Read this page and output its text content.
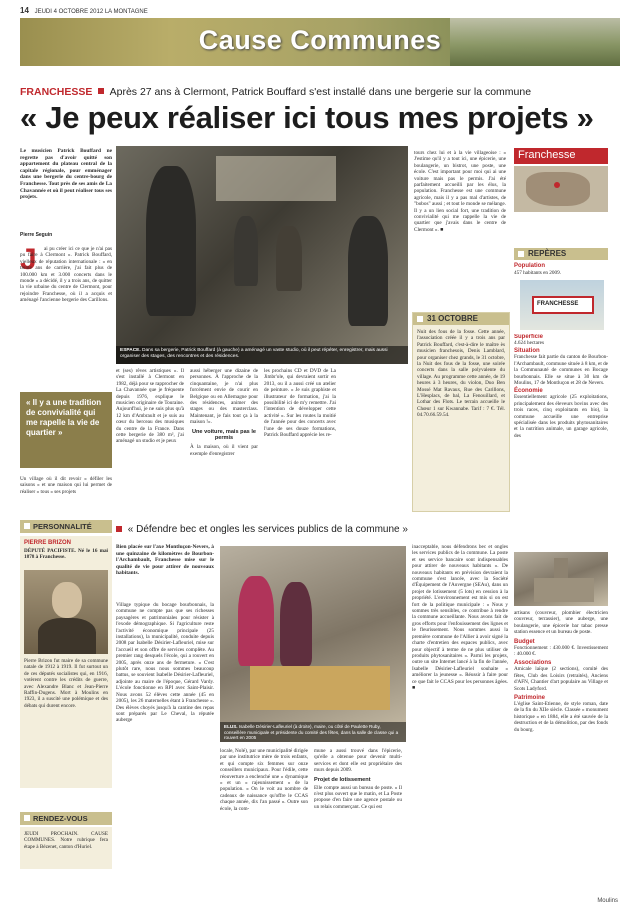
14 JEUDI 4 OCTOBRE 2012 LA MONTAGNE
Cause Communes
FRANCHESSE Après 27 ans à Clermont, Patrick Bouffard s'est installé dans une bergerie sur la commune
« Je peux réaliser ici tous mes projets »
Le musicien Patrick Bouffard ne regrette pas d'avoir quitté son appartement du plateau central de la capitale régionale, pour emménager dans une bergerie du centre-bourg de Franchesse. Tout près de ses amis de La Chavannée et où il peut réaliser tous ses projets.
Pierre Seguin
J	ai pu créer ici ce que je n'ai pas pu faire à Clermont ». Patrick Bouffard, vielleux de réputation internationale : « en trente ans de carrière, j'ai fait plus de 100.000 km et 3.000 concerts dans le monde » a décidé, il y a trois ans, de quitter la vie urbaine du centre de Clermont, pour rejoindre Franchesse, où il a acquis et aménagé l'ancienne bergerie des Carillons.
« Il y a une tradition de convivialité qui me rapelle la vie de quartier »
Un village où il dit revoir « défiler les saisons » et une maison qui lui permet de réaliser « tous » ses projets
ESPACE. Dans sa bergerie, Patrick Bouffard (à gauche) a aménagé un vaste studio, où il peut répéter, enregistrer, mais aussi organiser des stages, des rencontres et des résidences.
et (ses) rêves artistiques ». Il s'est installé à Clermont en 1982, déjà pour se rapprocher de La Chavannée que je fréquente depuis 1976, explique le musicien originaire de Touraine. Aujourd'hui, je ne suis plus qu'à 12 km d'Ambrault et je suis au cœur du berceau des musiques du centre de la France. Dans cette bergerie de 380 m², j'ai aménagé un studio et je peux
aussi héberger une dizaine de personnes. À l'approche de la cinquantaine, je n'ai plus forcément envie de courir en Belgique ou en Allemagne pour des résidences, animer des stages ou des masterclass. Maintenant, je fais tout ça à la maison !».
Une voiture, mais pas le permis
À la maison, où il vient par exemple d'enregistrer
les prochains CD et DVD de La Jimbr'ole, qui devraient sortir en 2013, ou il a aussi créé un atelier de peinture. « Je suis graphiste et illustrateur de formation, j'ai la possibilité ici de m'y remettre. J'ai l'intention de développer cette activité ». Sur les routes la moitié de l'année pour des concerts avec l'une de ses douze formations, Patrick Bouffard apprécie les re-
tours chez lui et à la vie villageoise : « J'estime qu'il y a tout ici, une épicerie, une boulangerie, un bistrot, une poste, une école. C'est important pour moi qui ai une voiture mais pas le permis. J'ai été parfaitement accueilli par les élus, la population. Franchesse est une commune agricole, mais il y a pas mal d'artistes, de "bobos" aussi ; et tout le monde se mélange. Il y a un lien social fort, une tradition de convivialité qui me rappelle la vie de quartier que j'avais dans le centre de Clermont ». ■
31 OCTOBRE
Nuit des fous de la fosse. Cette année, l'association créée il y a trois ans par Patrick Bouffard, c'est-à-dire le maître ès musicien franchesois, Denis Lamblard, pour organiser chez grands, le 31 octobre, la Nuit des fous de la fosse, une soirée concerts dans la salle polyvalente du village. Au programme cette année, de 19 heures à 3 heures, du violon, Duo Ben Mossé Mat Ravaux, Rue des Carillons, L'Hesplacs, de bal, La Fenouillard, et Lothar des Flots. Le terrain accueille le Chœur 1 sur Kwannabe. Tarif : 7 €. Tél. 04.70.66.59.54.
Franchesse
REPÈRES
Population
457 habitants en 2009.
FRANCHESSE
Superficie
4.624 hectares
Situation
Franchesse fait partie du canton de Bourbon-l'Archambault, commune située à 8 km, et de la Communauté de communes en Bocage bourbonnais. Elle se situe à 30 km de Moulins, 17 de Montluçon et 28 de Nevers.
Économie
Essentiellement agricole (25 exploitations, principalement des éleveurs bovins avec des trois races, cinq exploitants en bio), la commune accueille une entreprise spécialisée dans les produits phytosanitaires et la nutrition animale, un garage agricole, des
artisans (couvreur, plombier électricien couvreur, terrassier), une auberge, une boulangerie, une épicerie bar tabac presse station essence et un bureau de poste.
Budget
Fonctionnement : 430.000 €. Investissement : 40.000 €.
Associations
Amicale laïque (2 sections), comité des fêtes, Club des Loisirs (retraités), Anciens d'AFN, Chantier d'art populaire au Village et Scots Ladyford.
Patrimoine
L'église Saint-Etienne, de style roman, date de la fin du XIIe siècle. Classée « monument historique » en 1884, elle a été sauvée de la destruction et de la démolition, par des fonds du bourg.
PERSONNALITÉ
PIERRE BRIZON
DÉPUTÉ PACIFISTE. Né le 16 mai 1878 à Franchesse.
Pierre Brizon fut maire de sa commune natale de 1912 à 1919. Il fut surtout un de ces députés socialistes qui, en 1916, votèrent contre les crédits de guerre, avec Alexandre Blanc et Jean-Pierre Raffin-Dugens. Mort à Moulins en 1923, il a suscité une polémique et des débats qui durent encore.
RENDEZ-VOUS
JEUDI PROCHAIN. CAUSE COMMUNES. Notre rubrique fera étape à Bézenet, canton d'Huriel.
« Défendre bec et ongles les services publics de la commune »
Bien placée sur l'axe Montluçon-Nevers, à une quinzaine de kilomètres de Bourbon-l'Archambault, Franchesse mise sur le qualité de vie pour attirer de nouveaux habitants.
Village typique du bocage bourbonnais, la commune ne compte pas que ses richesses paysagères et patrimoniales pour résister à l'exode démographique. Si l'agriculture reste l'activité économique principale (25 installations), la municipalité, conduite depuis 2008 par Isabelle Désirier-Lafleuriel, mise sur l'accueil et son offre de services complète. Au premier rang desquels l'école, qui a rouvert en 2005, après onze ans de fermeture. « C'est plutôt rare, nous nous sommes beaucoup battus, se souvient Isabelle Désirier-Lafleuriel, adjointe au maire de l'époque, Gérard Vardy. L'école fonctionne en RPI avec Saint-Plaisir. Nous avons 52 élèves cette année (45 en 2005), les 26 maternelles étant à Franchesse ». Des élèves choyés jusqu'à la cantine des repas sont préparés par Le Cheval, la réputée auberge
ELUS. Isabelle Désirier-Lafleuriel (à droite), maire, ou côté de Paulette Ruby, conseillère municipale et présidente du comité des fêtes, dans la salle de classe qui a rouvert en 2005
locale, Nolé), par une municipalité dirigée par une institutrice mère de trois enfants, et qui compte six femmes sur onze conseillers municipaux. Pour l'édile, cette réouverture a enclenché une « dynamique » et un « rajeunissement » de la population. « On le voit au nombre de cadeaux de naissance qu'offre le CCAS chaque année, dix l'an passé ». Outre son école, la com-
mune a aussi trouvé dans l'épicerie, qu'elle a obtenue pour devenir multi-services et dont elle est propriétaire des murs depuis 2009.
Projet de lotissement
Elle compte aussi un bureau de poste. « Il n'est plus ouvert que le matin, et La Poste propose d'en faire une agence postale ou un relais commerçant. Ce qui est
inacceptable, nous défendrons bec et ongles les services publics de la commune. La poste et ses service bancaire sont indispensables pour attirer de nouveaux habitants ». De nouveaux habitants en prévision devraient la commune s'est lancée, avec la Société d'Équipement de l'Auvergne (SEAu), dans un projet de lotissement (5 lots) en cession à la propriété. L'environnement est mis si on est fort de la politique municipale : « Nous y sommes très sensibles, ce contribue à rendre la commune accueillante. Nous avons fait de gros efforts pour l'enfouissement des lignes et le fleurissement. Nous sommes aussi la première commune de l'Allier à avoir signé la charte d'entretien des espaces publics, avec pour objectif à terme de ne plus utiliser de produits phytosanitaires ». Parmi les projets, outre un site Internet lancé à la fin de l'année, Isabelle Désirier-Lafleuriel souhaite « améliorer la jeunesse ». Réussir à faire pour ce que fait le CCAS pour les personnes âgées. ■
Moulins
